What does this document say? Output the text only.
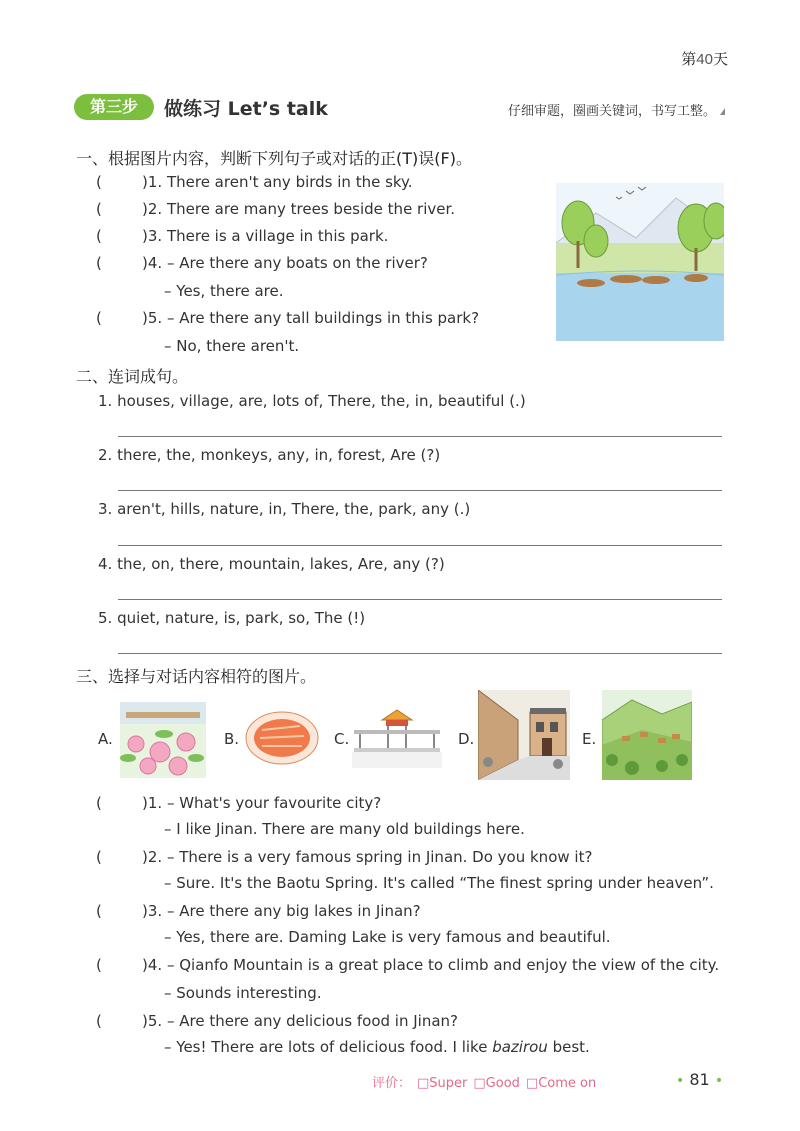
第40天
第三步	做练习 Let’s talk	仔细审题，圈画关键词，书写工整。
一、根据图片内容，判断下列句子或对话的正(T)误(F)。
(	)1. There aren't any birds in the sky.
(	)2. There are many trees beside the river.
(	)3. There is a village in this park.
(	)4. – Are there any boats on the river?
– Yes, there are.
(	)5. – Are there any tall buildings in this park?
– No, there aren't.
二、连词成句。
1. houses, village, are, lots of, There, the, in, beautiful (.)
2. there, the, monkeys, any, in, forest, Are (?)
3. aren't, hills, nature, in, There, the, park, any (.)
4. the, on, there, mountain, lakes, Are, any (?)
5. quiet, nature, is, park, so, The (!)
三、选择与对话内容相符的图片。
A.	B.	C.	D.	E.
(	)1. – What's your favourite city?
– I like Jinan. There are many old buildings here.
(	)2. – There is a very famous spring in Jinan. Do you know it?
– Sure. It's the Baotu Spring. It's called “The finest spring under heaven”.
(	)3. – Are there any big lakes in Jinan?
– Yes, there are. Daming Lake is very famous and beautiful.
(	)4. – Qianfo Mountain is a great place to climb and enjoy the view of the city.
– Sounds interesting.
(	)5. – Are there any delicious food in Jinan?
– Yes! There are lots of delicious food. I like bazirou best.
评价： □Super □Good □Come on	• 81 •
